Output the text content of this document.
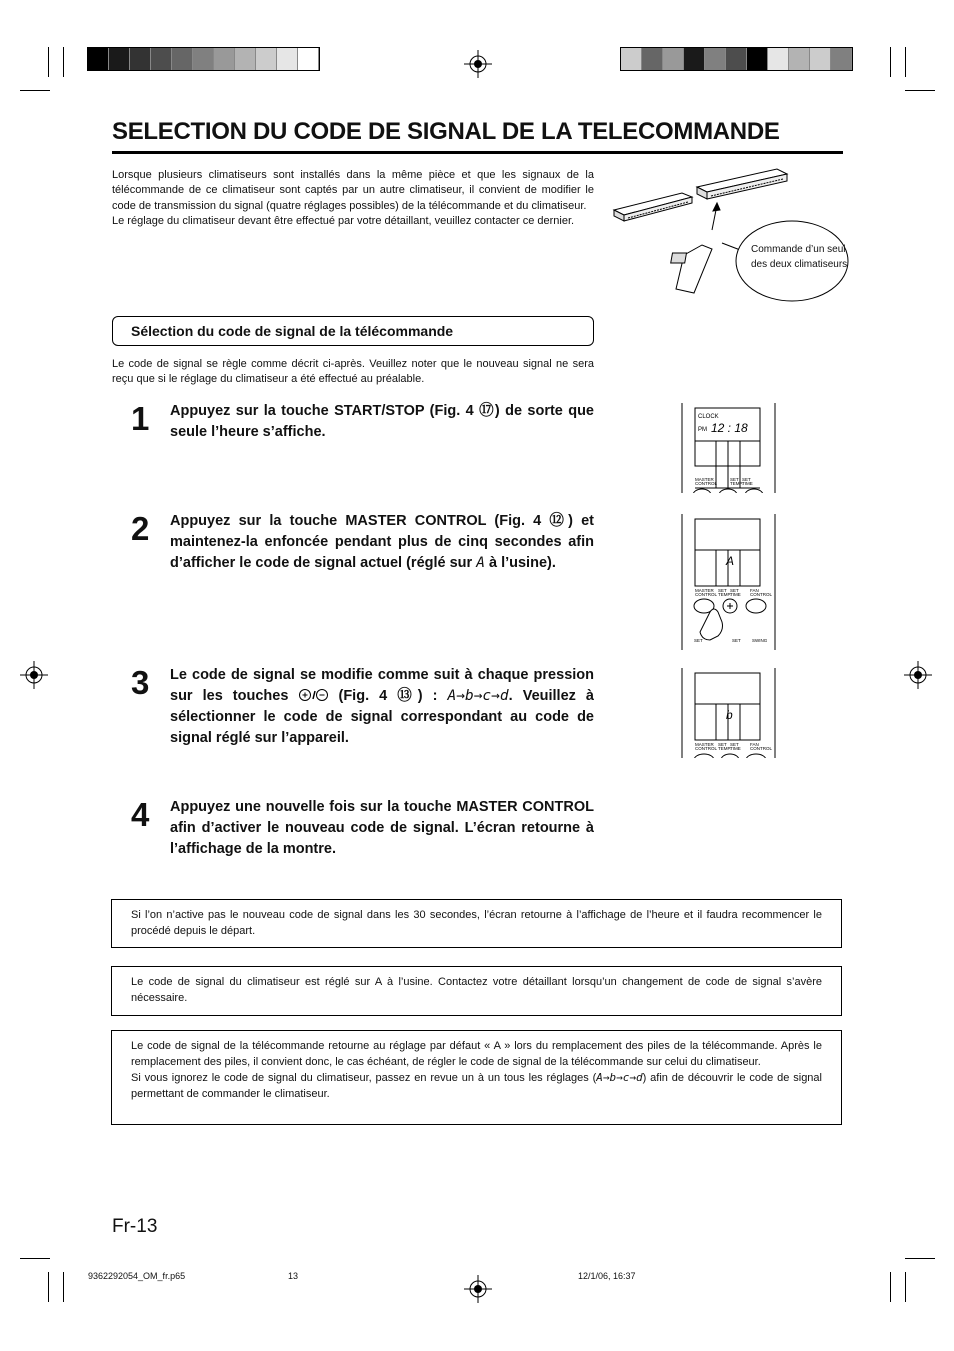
SELECTION DU CODE DE SIGNAL DE LA TELECOMMANDE
Lorsque plusieurs climatiseurs sont installés dans la même pièce et que les signaux de la télécommande de ce climatiseur sont captés par un autre climatiseur, il convient de modifier le code de transmission du signal (quatre réglages possibles) de la télécommande et du climatiseur.
Le réglage du climatiseur devant être effectué par votre détaillant, veuillez contacter ce dernier.
Commande d’un seul des deux climatiseurs
Sélection du code de signal de la télécommande
Le code de signal se règle comme décrit ci-après. Veuillez noter que le nouveau signal ne sera reçu que si le réglage du climatiseur a été effectué au préalable.
1 Appuyez sur la touche START/STOP (Fig. 4 ⑰) de sorte que seule l’heure s’affiche.
2 Appuyez sur la touche MASTER CONTROL (Fig. 4 ⑫) et maintenez-la enfoncée pendant plus de cinq secondes afin d’afficher le code de signal actuel (réglé sur A à l’usine).
3 Le code de signal se modifie comme suit à chaque pression sur les touches	(Fig. 4 ⑬) : A→b→c→d. Veuillez à sélectionner le code de signal correspondant au code de signal réglé sur l’appareil.
4 Appuyez une nouvelle fois sur la touche MASTER CONTROL afin d’activer le nouveau code de signal. L’écran retourne à l’affichage de la montre.
CLOCK
PM 12 : 18
MASTER
CONTROL
SET
TEMP.
SET
TIME
A
MASTER
CONTROL
SET
TEMP.
SET
TIME
FAN
CONTROL
SET	SET SWING
b
MASTER
CONTROL
SET
TEMP.
SET
TIME
FAN
CONTROL
Si l’on n’active pas le nouveau code de signal dans les 30 secondes, l’écran retourne à l’affichage de l’heure et il faudra recommencer le procédé depuis le départ.
Le code de signal du climatiseur est réglé sur A à l’usine. Contactez votre détaillant lorsqu’un changement de code de signal s’avère nécessaire.
Le code de signal de la télécommande retourne au réglage par défaut « A » lors du remplacement des piles de la télécommande. Après le remplacement des piles, il convient donc, le cas échéant, de régler le code de signal de la télécommande sur celui du climatiseur.
Si vous ignorez le code de signal du climatiseur, passez en revue un à un tous les réglages (A→b→c→d) afin de découvrir le code de signal permettant de commander le climatiseur.
Fr-13
9362292054_OM_fr.p65	13	12/1/06, 16:37
